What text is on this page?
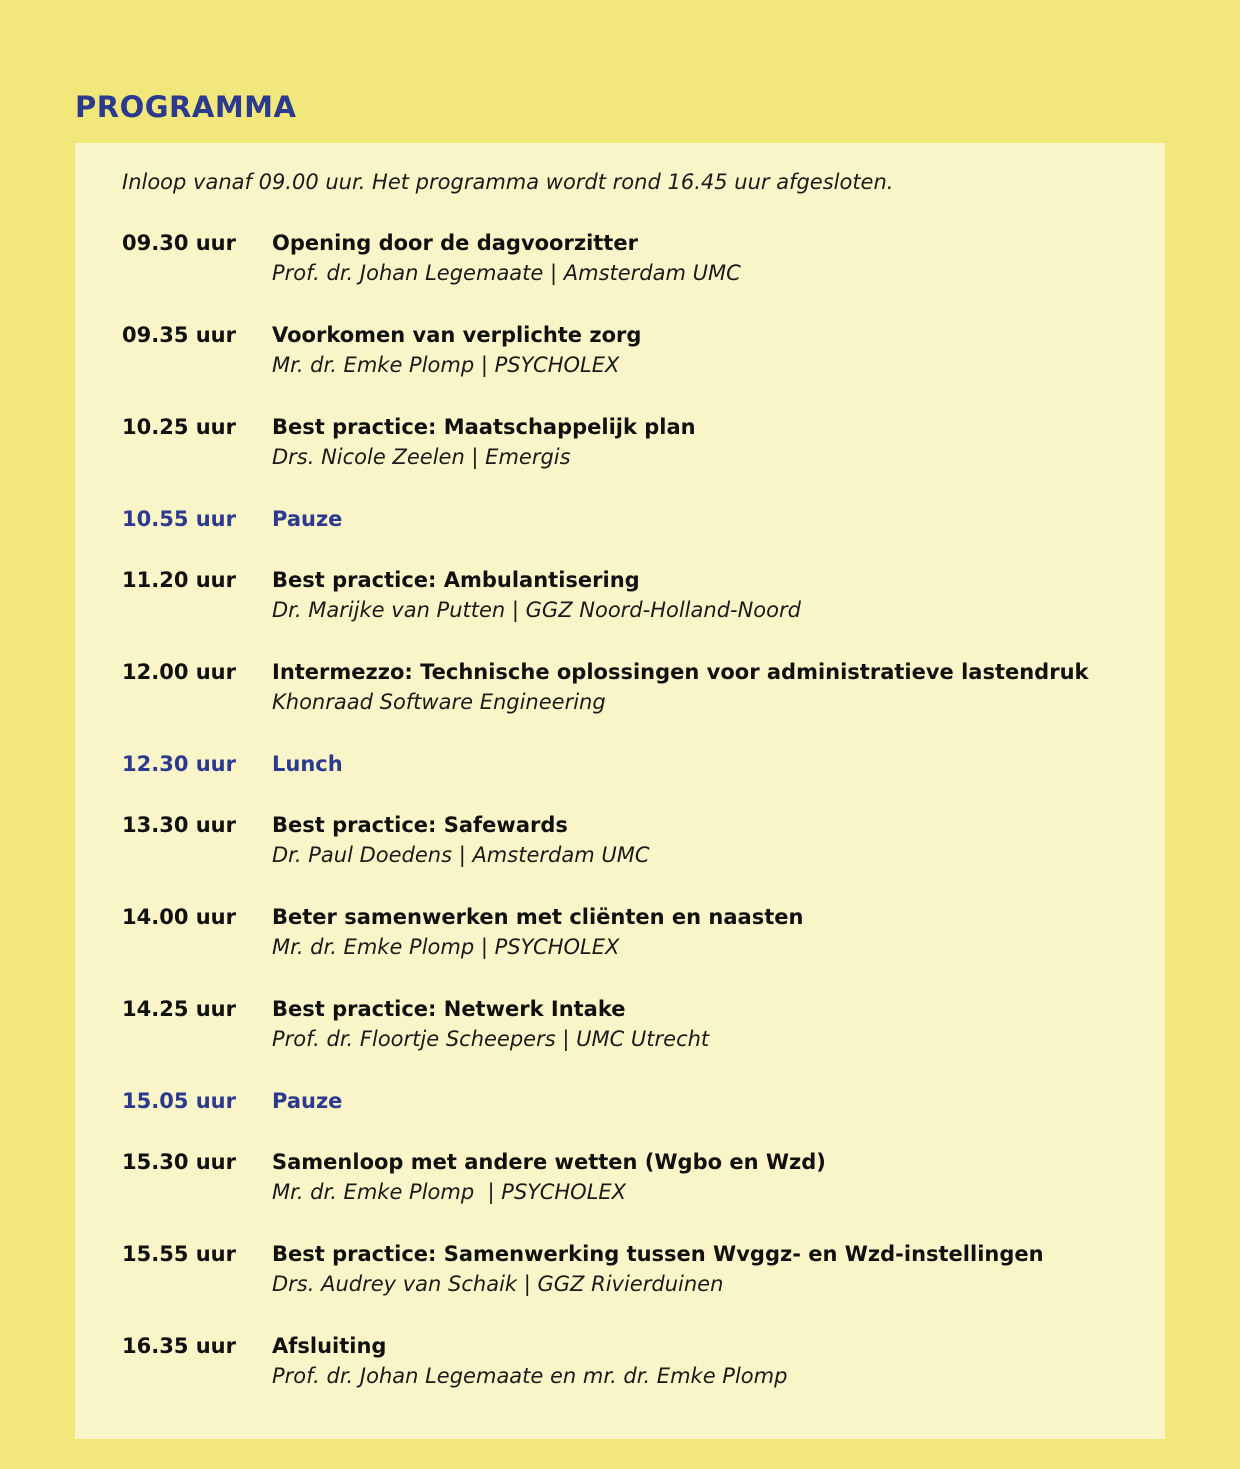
PROGRAMMA

Inloop vanaf 09.00 uur. Het programma wordt rond 16.45 uur afgesloten.

09.30 uur Opening door de dagvoorzitter
Prof. dr. Johan Legemaate | Amsterdam UMC
09.35 uur Voorkomen van verplichte zorg
Mr. dr. Emke Plomp | PSYCHOLEX
10.25 uur Best practice: Maatschappelijk plan
Drs. Nicole Zeelen | Emergis
10.55 uur Pauze
11.20 uur Best practice: Ambulantisering
Dr. Marijke van Putten | GGZ Noord-Holland-Noord
12.00 uur Intermezzo: Technische oplossingen voor administratieve lastendruk
Khonraad Software Engineering
12.30 uur Lunch
13.30 uur Best practice: Safewards
Dr. Paul Doedens | Amsterdam UMC
14.00 uur Beter samenwerken met cliënten en naasten
Mr. dr. Emke Plomp | PSYCHOLEX
14.25 uur Best practice: Netwerk Intake
Prof. dr. Floortje Scheepers | UMC Utrecht
15.05 uur Pauze
15.30 uur Samenloop met andere wetten (Wgbo en Wzd)
Mr. dr. Emke Plomp  | PSYCHOLEX
15.55 uur Best practice: Samenwerking tussen Wvggz- en Wzd-instellingen
Drs. Audrey van Schaik | GGZ Rivierduinen
16.35 uur Afsluiting
Prof. dr. Johan Legemaate en mr. dr. Emke Plomp
